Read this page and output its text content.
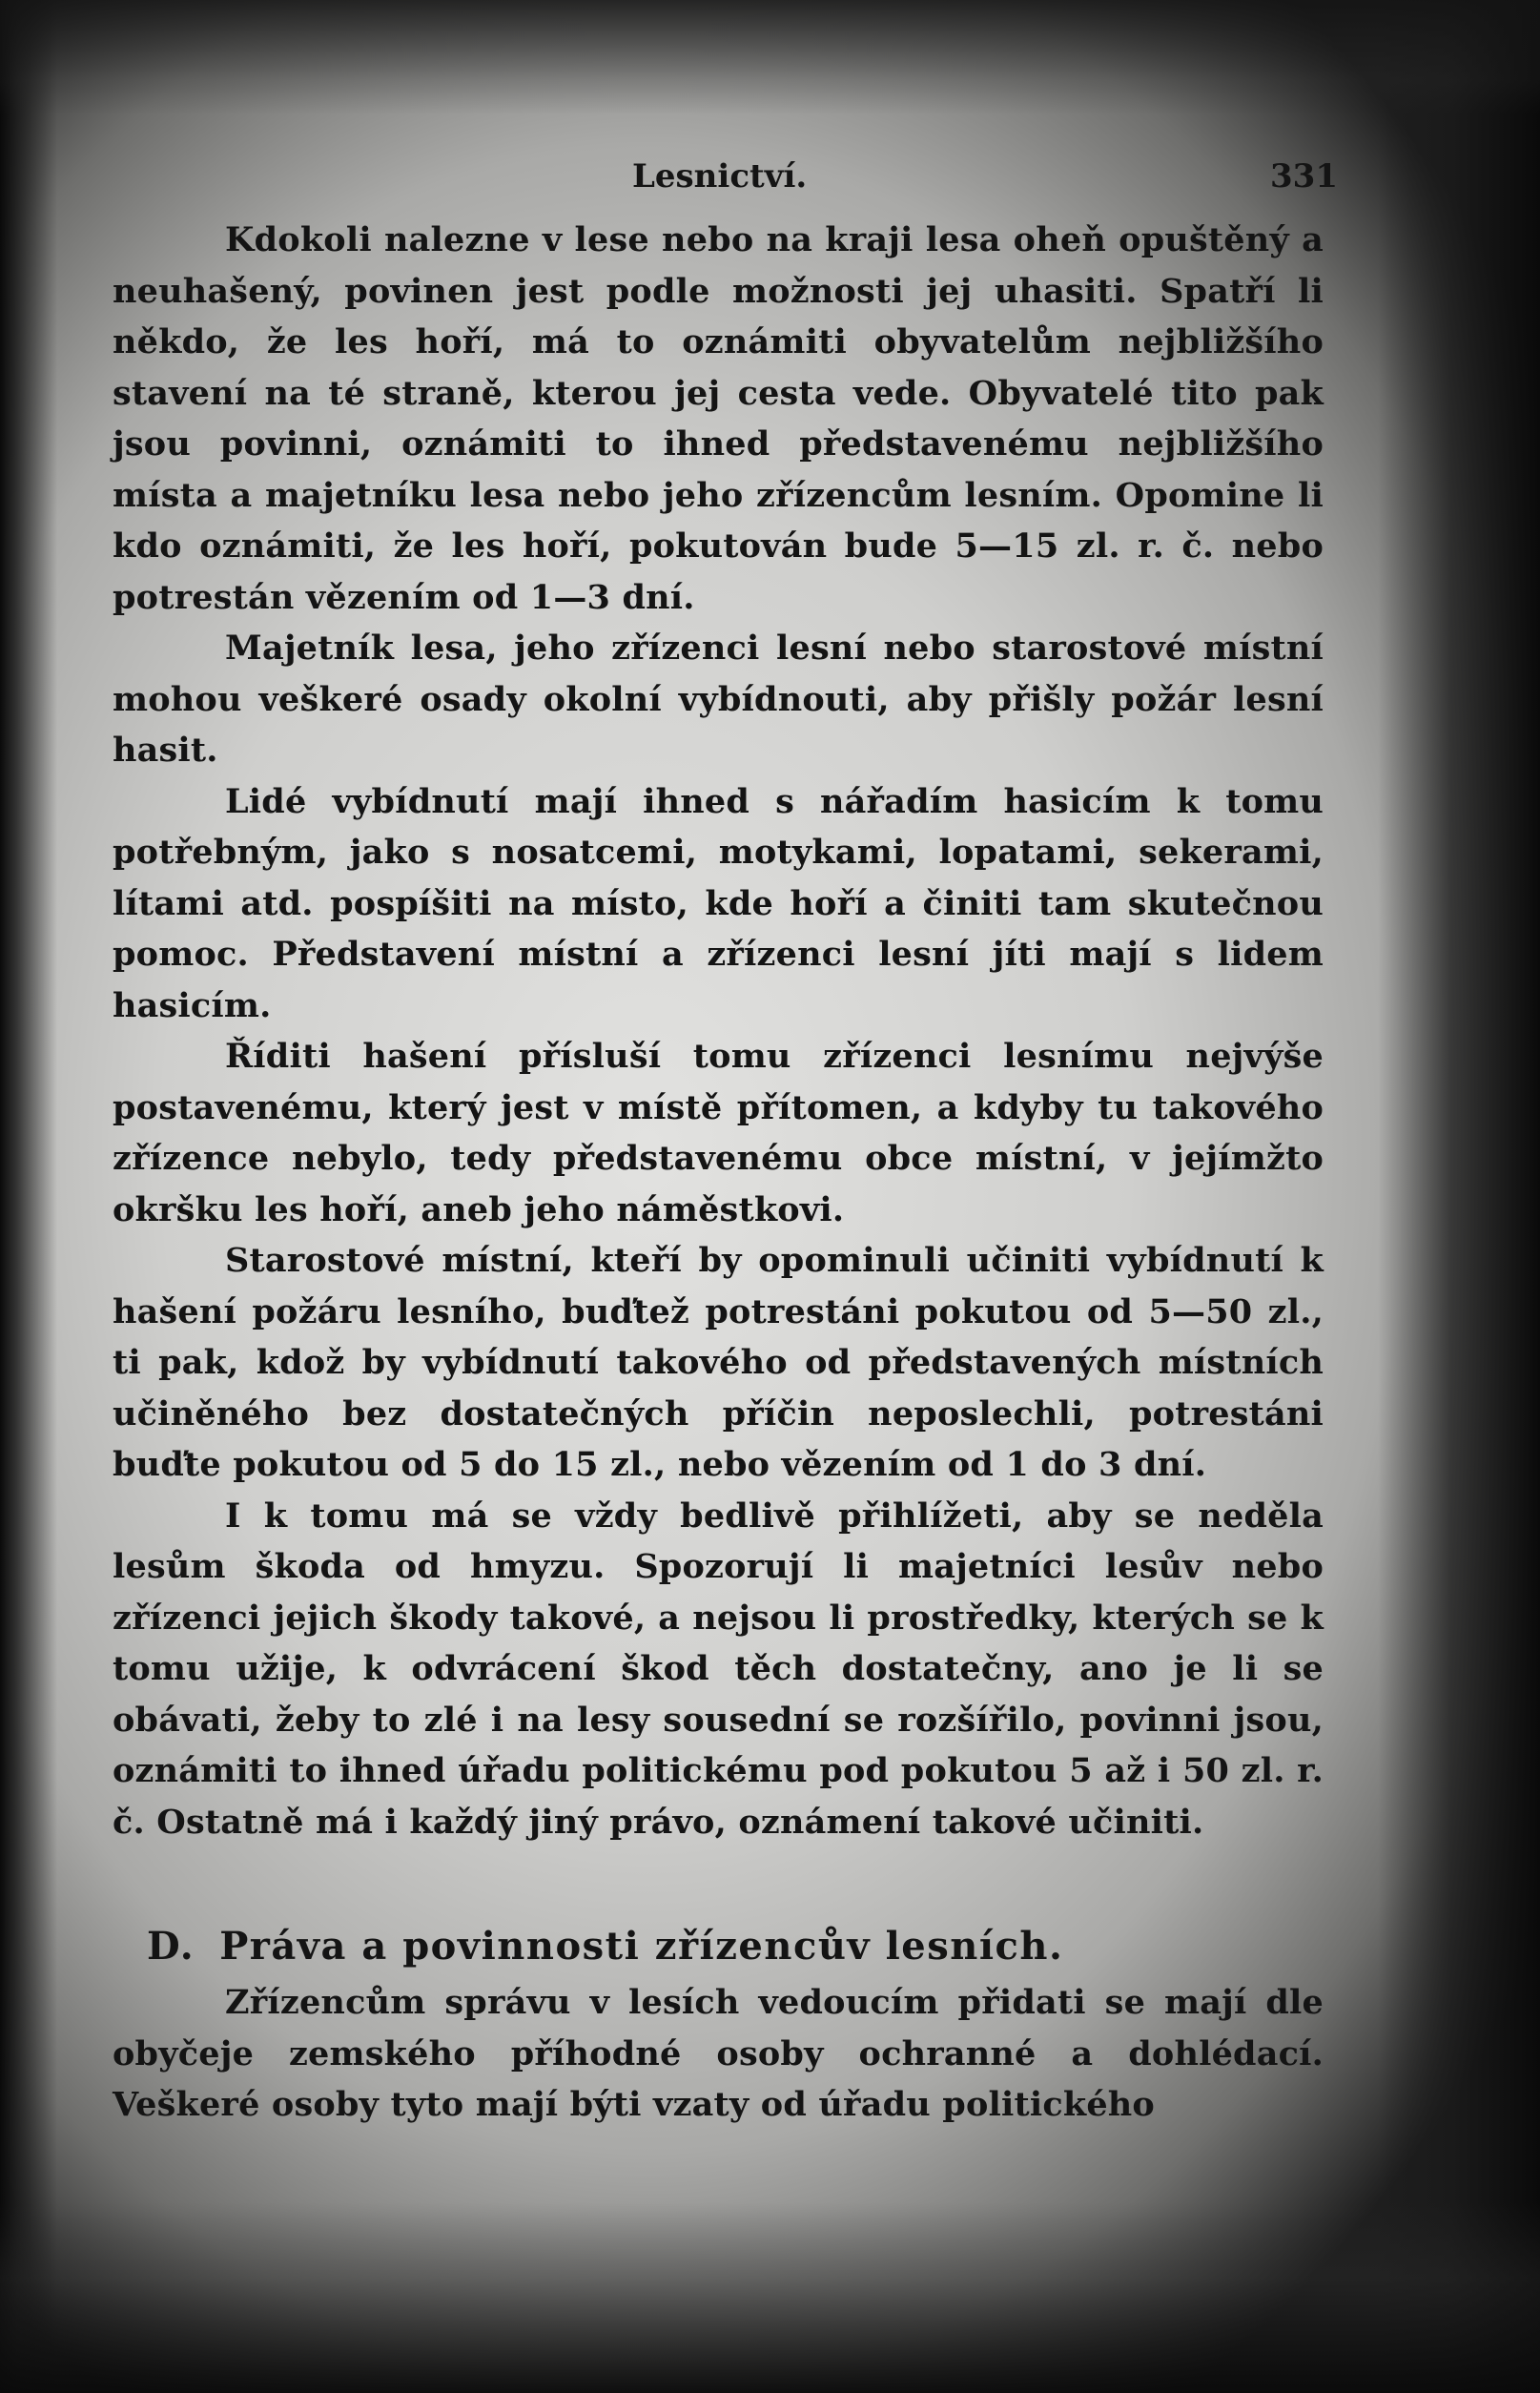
Lesnictví.	331

Kdokoli nalezne v lese nebo na kraji lesa oheň opuštěný a neuhašený, povinen jest podle možnosti jej uhasiti. Spatří li někdo, že les hoří, má to oznámiti obyvatelům nejbližšího stavení na té straně, kterou jej cesta vede. Obyvatelé tito pak jsou povinni, oznámiti to ihned představenému nejbližšího místa a majetníku lesa nebo jeho zřízencům lesním. Opomine li kdo oznámiti, že les hoří, pokutován bude 5—15 zl. r. č. nebo potrestán vězením od 1—3 dní.

Majetník lesa, jeho zřízenci lesní nebo starostové místní mohou veškeré osady okolní vybídnouti, aby přišly požár lesní hasit.

Lidé vybídnutí mají ihned s nářadím hasicím k tomu potřebným, jako s nosatcemi, motykami, lopatami, sekerami, lítami atd. pospíšiti na místo, kde hoří a činiti tam skutečnou pomoc. Představení místní a zřízenci lesní jíti mají s lidem hasicím.

Říditi hašení přísluší tomu zřízenci lesnímu nejvýše postavenému, který jest v místě přítomen, a kdyby tu takového zřízence nebylo, tedy představenému obce místní, v jejímžto okršku les hoří, aneb jeho náměstkovi.

Starostové místní, kteří by opominuli učiniti vybídnutí k hašení požáru lesního, buďtež potrestáni pokutou od 5—50 zl., ti pak, kdož by vybídnutí takového od představených místních učiněného bez dostatečných příčin neposlechli, potrestáni buďte pokutou od 5 do 15 zl., nebo vězením od 1 do 3 dní.

I k tomu má se vždy bedlivě přihlížeti, aby se neděla lesům škoda od hmyzu. Spozorují li majetníci lesův nebo zřízenci jejich škody takové, a nejsou li prostředky, kterých se k tomu užije, k odvrácení škod těch dostatečny, ano je li se obávati, žeby to zlé i na lesy sousední se rozšířilo, povinni jsou, oznámiti to ihned úřadu politickému pod pokutou 5 až i 50 zl. r. č. Ostatně má i každý jiný právo, oznámení takové učiniti.

D. Práva a povinnosti zřízencův lesních.

Zřízencům správu v lesích vedoucím přidati se mají dle obyčeje zemského příhodné osoby ochranné a dohlédací. Veškeré osoby tyto mají býti vzaty od úřadu politického
